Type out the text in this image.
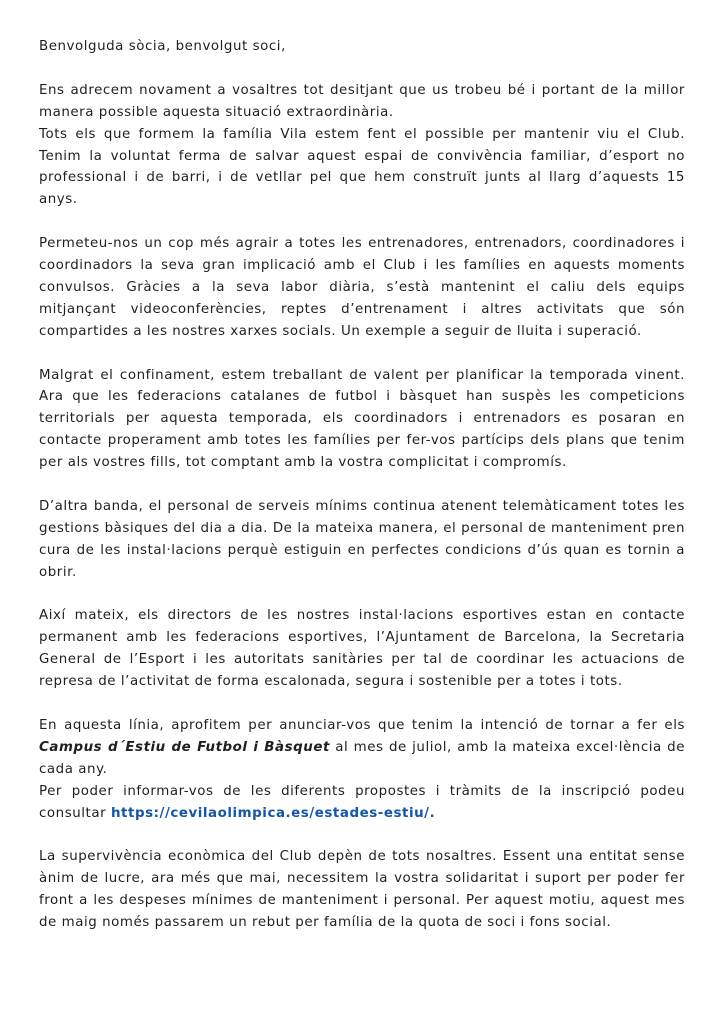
Benvolguda sòcia, benvolgut soci,

Ens adrecem novament a vosaltres tot desitjant que us trobeu bé i portant de la millor manera possible aquesta situació extraordinària.

Tots els que formem la família Vila estem fent el possible per mantenir viu el Club. Tenim la voluntat ferma de salvar aquest espai de convivència familiar, d’esport no professional i de barri, i de vetllar pel que hem construït junts al llarg d’aquests 15 anys.

Permeteu-nos un cop més agrair a totes les entrenadores, entrenadors, coordinadores i coordinadors la seva gran implicació amb el Club i les famílies en aquests moments convulsos. Gràcies a la seva labor diària, s’està mantenint el caliu dels equips mitjançant videoconferències, reptes d’entrenament i altres activitats que són compartides a les nostres xarxes socials. Un exemple a seguir de lluita i superació.

Malgrat el confinament, estem treballant de valent per planificar la temporada vinent. Ara que les federacions catalanes de futbol i bàsquet han suspès les competicions territorials per aquesta temporada, els coordinadors i entrenadors es posaran en contacte properament amb totes les famílies per fer-vos partícips dels plans que tenim per als vostres fills, tot comptant amb la vostra complicitat i compromís.

D’altra banda, el personal de serveis mínims continua atenent telemàticament totes les gestions bàsiques del dia a dia. De la mateixa manera, el personal de manteniment pren cura de les instal·lacions perquè estiguin en perfectes condicions d’ús quan es tornin a obrir.

Així mateix, els directors de les nostres instal·lacions esportives estan en contacte permanent amb les federacions esportives, l’Ajuntament de Barcelona, la Secretaria General de l’Esport i les autoritats sanitàries per tal de coordinar les actuacions de represa de l’activitat de forma escalonada, segura i sostenible per a totes i tots.

En aquesta línia, aprofitem per anunciar-vos que tenim la intenció de tornar a fer els Campus d´Estiu de Futbol i Bàsquet al mes de juliol, amb la mateixa excel·lència de cada any.

Per poder informar-vos de les diferents propostes i tràmits de la inscripció podeu consultar https://cevilaolimpica.es/estades-estiu/.

La supervivència econòmica del Club depèn de tots nosaltres. Essent una entitat sense ànim de lucre, ara més que mai, necessitem la vostra solidaritat i suport per poder fer front a les despeses mínimes de manteniment i personal. Per aquest motiu, aquest mes de maig només passarem un rebut per família de la quota de soci i fons social.
